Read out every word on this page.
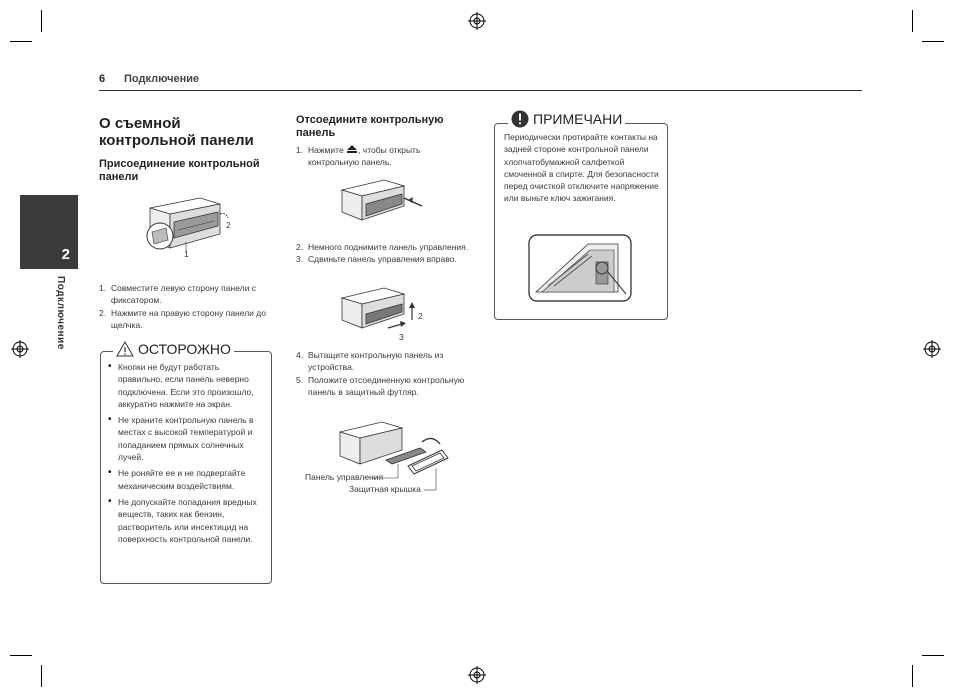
6 Подключение
2
Подключение
О съемной контрольной панели
Присоединение контрольной панели
1
2
1. Совместите левую сторону панели с фиксатором.
2. Нажмите на правую сторону панели до щелчка.
ОСТОРОЖНО
• Кнопки не будут работать правильно, если панель неверно подключена. Если это произошло, аккуратно нажмите на экран.
• Не храните контрольную панель в местах с высокой температурой и попаданием прямых солнечных лучей.
• Не роняйте ее и не подвергайте механическим воздействиям.
• Не допускайте попадания вредных веществ, таких как бензин, растворитель или инсектицид на поверхность контрольной панели.
Отсоедините контрольную панель
1. Нажмите , чтобы открыть контрольную панель.
2. Немного поднимите панель управления.
3. Сдвиньте панель управления вправо.
2
3
4. Вытащите контрольную панель из устройства.
5. Положите отсоединенную контрольную панель в защитный футляр.
Панель управления
Защитная крышка
ПРИМЕЧАНИ
Периодически протирайте контакты на задней стороне контрольной панели хлопчатобумажной салфеткой смоченной в спирте. Для безопасности перед очисткой отключите напряжение или выньте ключ зажигания.
